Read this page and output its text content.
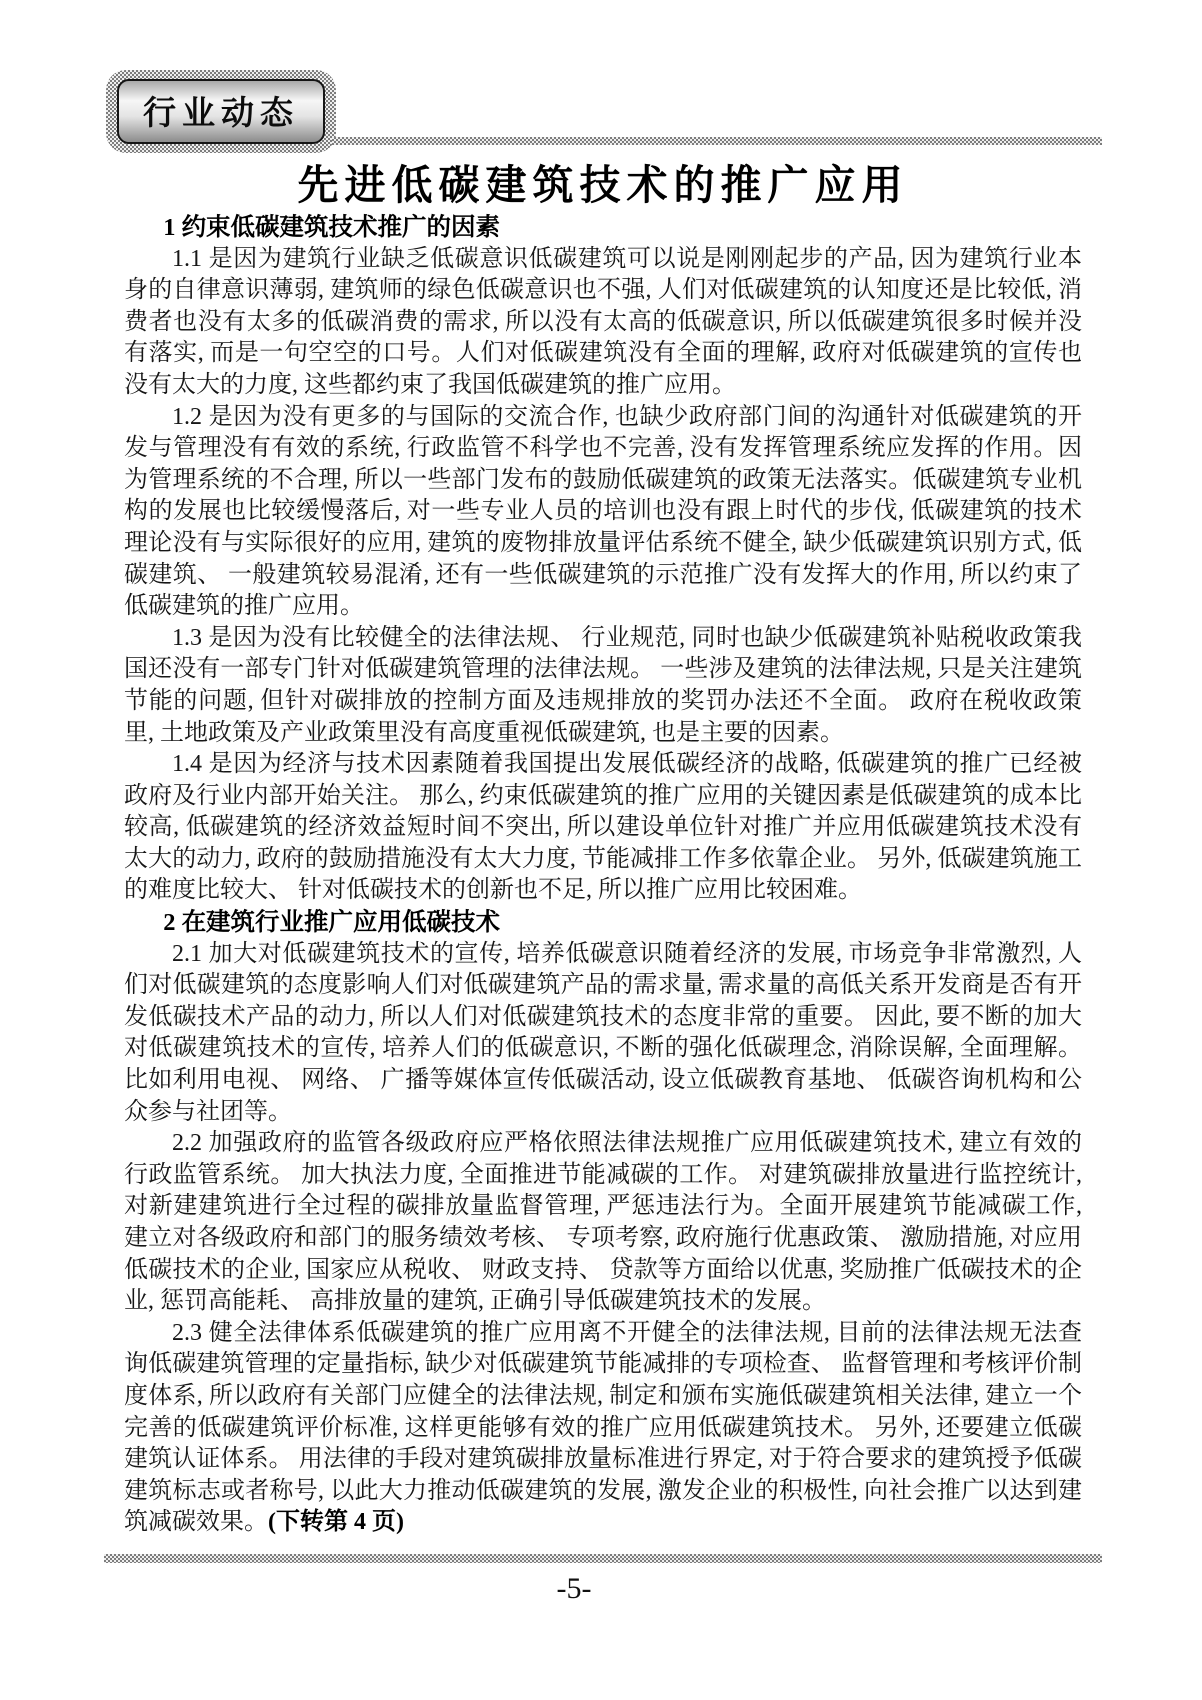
行业动态
先进低碳建筑技术的推广应用
1 约束低碳建筑技术推广的因素

1.1 是因为建筑行业缺乏低碳意识低碳建筑可以说是刚刚起步的产品, 因为建筑行业本身的自律意识薄弱, 建筑师的绿色低碳意识也不强, 人们对低碳建筑的认知度还是比较低, 消费者也没有太多的低碳消费的需求, 所以没有太高的低碳意识, 所以低碳建筑很多时候并没有落实, 而是一句空空的口号。人们对低碳建筑没有全面的理解, 政府对低碳建筑的宣传也没有太大的力度, 这些都约束了我国低碳建筑的推广应用。

1.2 是因为没有更多的与国际的交流合作, 也缺少政府部门间的沟通针对低碳建筑的开发与管理没有有效的系统, 行政监管不科学也不完善, 没有发挥管理系统应发挥的作用。因为管理系统的不合理, 所以一些部门发布的鼓励低碳建筑的政策无法落实。低碳建筑专业机构的发展也比较缓慢落后, 对一些专业人员的培训也没有跟上时代的步伐, 低碳建筑的技术理论没有与实际很好的应用, 建筑的废物排放量评估系统不健全, 缺少低碳建筑识别方式, 低碳建筑、 一般建筑较易混淆, 还有一些低碳建筑的示范推广没有发挥大的作用, 所以约束了低碳建筑的推广应用。

1.3 是因为没有比较健全的法律法规、 行业规范, 同时也缺少低碳建筑补贴税收政策我国还没有一部专门针对低碳建筑管理的法律法规。 一些涉及建筑的法律法规, 只是关注建筑节能的问题, 但针对碳排放的控制方面及违规排放的奖罚办法还不全面。 政府在税收政策里, 土地政策及产业政策里没有高度重视低碳建筑, 也是主要的因素。

1.4 是因为经济与技术因素随着我国提出发展低碳经济的战略, 低碳建筑的推广已经被政府及行业内部开始关注。 那么, 约束低碳建筑的推广应用的关键因素是低碳建筑的成本比较高, 低碳建筑的经济效益短时间不突出, 所以建设单位针对推广并应用低碳建筑技术没有太大的动力, 政府的鼓励措施没有太大力度, 节能减排工作多依靠企业。 另外, 低碳建筑施工的难度比较大、 针对低碳技术的创新也不足, 所以推广应用比较困难。

2 在建筑行业推广应用低碳技术

2.1 加大对低碳建筑技术的宣传, 培养低碳意识随着经济的发展, 市场竞争非常激烈, 人们对低碳建筑的态度影响人们对低碳建筑产品的需求量, 需求量的高低关系开发商是否有开发低碳技术产品的动力, 所以人们对低碳建筑技术的态度非常的重要。 因此, 要不断的加大对低碳建筑技术的宣传, 培养人们的低碳意识, 不断的强化低碳理念, 消除误解, 全面理解。 比如利用电视、 网络、 广播等媒体宣传低碳活动, 设立低碳教育基地、 低碳咨询机构和公众参与社团等。

2.2 加强政府的监管各级政府应严格依照法律法规推广应用低碳建筑技术, 建立有效的行政监管系统。 加大执法力度, 全面推进节能减碳的工作。 对建筑碳排放量进行监控统计, 对新建建筑进行全过程的碳排放量监督管理, 严惩违法行为。全面开展建筑节能减碳工作, 建立对各级政府和部门的服务绩效考核、 专项考察, 政府施行优惠政策、 激励措施, 对应用低碳技术的企业, 国家应从税收、 财政支持、 贷款等方面给以优惠, 奖励推广低碳技术的企业, 惩罚高能耗、 高排放量的建筑, 正确引导低碳建筑技术的发展。

2.3 健全法律体系低碳建筑的推广应用离不开健全的法律法规, 目前的法律法规无法查询低碳建筑管理的定量指标, 缺少对低碳建筑节能减排的专项检查、 监督管理和考核评价制度体系, 所以政府有关部门应健全的法律法规, 制定和颁布实施低碳建筑相关法律, 建立一个完善的低碳建筑评价标准, 这样更能够有效的推广应用低碳建筑技术。 另外, 还要建立低碳建筑认证体系。 用法律的手段对建筑碳排放量标准进行界定, 对于符合要求的建筑授予低碳建筑标志或者称号, 以此大力推动低碳建筑的发展, 激发企业的积极性, 向社会推广以达到建筑减碳效果。(下转第 4 页)

-5-
